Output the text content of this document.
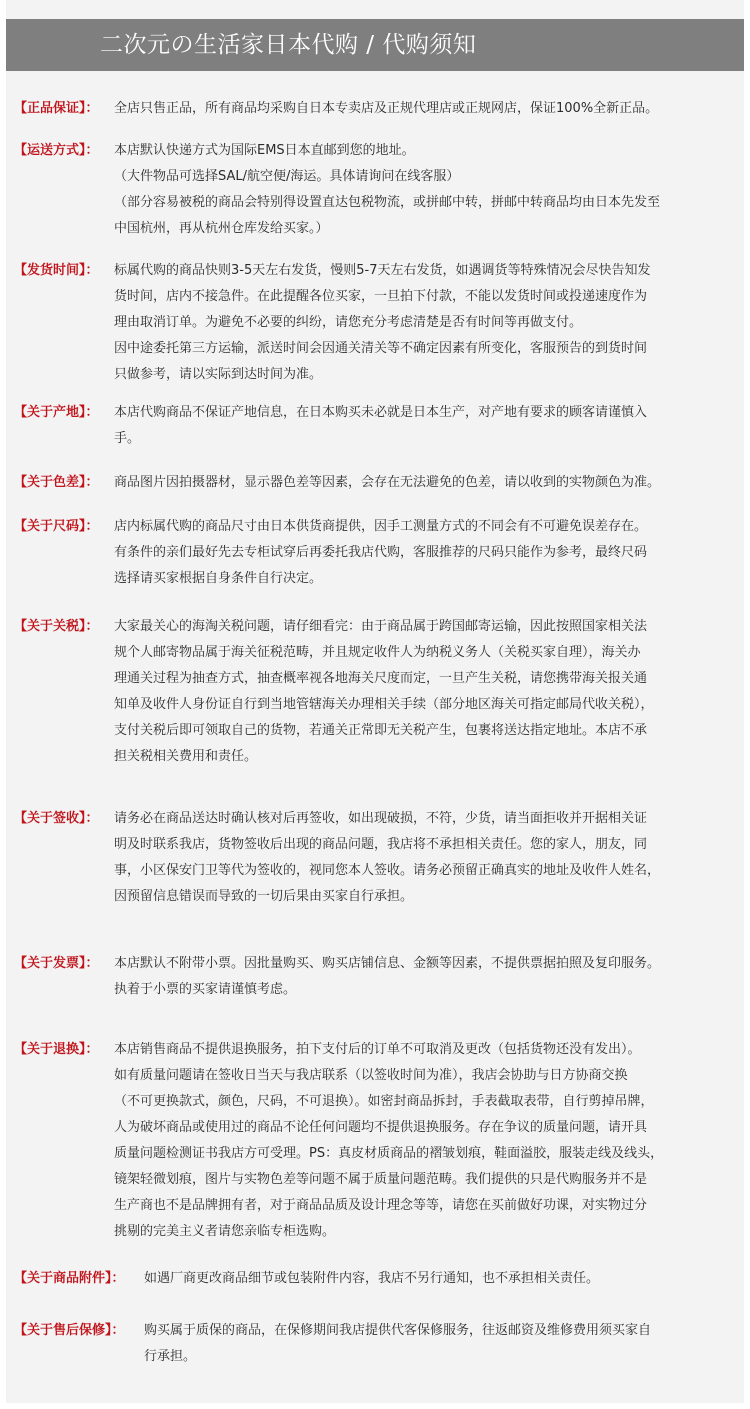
二次元の生活家日本代购 / 代购须知
【正品保证】： 全店只售正品，所有商品均采购自日本专卖店及正规代理店或正规网店，保证100%全新正品。
【运送方式】： 本店默认快递方式为国际EMS日本直邮到您的地址。
（大件物品可选择SAL/航空便/海运。具体请询问在线客服）
（部分容易被税的商品会特别得设置直达包税物流，或拼邮中转，拼邮中转商品均由日本先发至
中国杭州，再从杭州仓库发给买家。）
【发货时间】： 标属代购的商品快则3-5天左右发货，慢则5-7天左右发货，如遇调货等特殊情况会尽快告知发
货时间，店内不接急件。在此提醒各位买家，一旦拍下付款，不能以发货时间或投递速度作为
理由取消订单。为避免不必要的纠纷，请您充分考虑清楚是否有时间等再做支付。
因中途委托第三方运输，派送时间会因通关清关等不确定因素有所变化，客服预告的到货时间
只做参考，请以实际到达时间为准。
【关于产地】： 本店代购商品不保证产地信息，在日本购买未必就是日本生产，对产地有要求的顾客请谨慎入
手。
【关于色差】： 商品图片因拍摄器材，显示器色差等因素，会存在无法避免的色差，请以收到的实物颜色为准。
【关于尺码】： 店内标属代购的商品尺寸由日本供货商提供，因手工测量方式的不同会有不可避免误差存在。
有条件的亲们最好先去专柜试穿后再委托我店代购，客服推荐的尺码只能作为参考，最终尺码
选择请买家根据自身条件自行决定。
【关于关税】： 大家最关心的海淘关税问题，请仔细看完：由于商品属于跨国邮寄运输，因此按照国家相关法
规个人邮寄物品属于海关征税范畴，并且规定收件人为纳税义务人（关税买家自理），海关办
理通关过程为抽查方式，抽查概率视各地海关尺度而定，一旦产生关税，请您携带海关报关通
知单及收件人身份证自行到当地管辖海关办理相关手续（部分地区海关可指定邮局代收关税），
支付关税后即可领取自己的货物，若通关正常即无关税产生，包裹将送达指定地址。本店不承
担关税相关费用和责任。
【关于签收】： 请务必在商品送达时确认核对后再签收，如出现破损，不符，少货，请当面拒收并开据相关证
明及时联系我店，货物签收后出现的商品问题，我店将不承担相关责任。您的家人，朋友，同
事，小区保安门卫等代为签收的，视同您本人签收。请务必预留正确真实的地址及收件人姓名，
因预留信息错误而导致的一切后果由买家自行承担。
【关于发票】： 本店默认不附带小票。因批量购买、购买店铺信息、金额等因素，不提供票据拍照及复印服务。
执着于小票的买家请谨慎考虑。
【关于退换】： 本店销售商品不提供退换服务，拍下支付后的订单不可取消及更改（包括货物还没有发出）。
如有质量问题请在签收日当天与我店联系（以签收时间为准），我店会协助与日方协商交换
（不可更换款式，颜色，尺码，不可退换）。如密封商品拆封，手表截取表带，自行剪掉吊牌，
人为破坏商品或使用过的商品不论任何问题均不提供退换服务。存在争议的质量问题，请开具
质量问题检测证书我店方可受理。PS：真皮材质商品的褶皱划痕，鞋面溢胶，服装走线及线头，
镜架轻微划痕，图片与实物色差等问题不属于质量问题范畴。我们提供的只是代购服务并不是
生产商也不是品牌拥有者，对于商品品质及设计理念等等，请您在买前做好功课，对实物过分
挑剔的完美主义者请您亲临专柜选购。
【关于商品附件】： 如遇厂商更改商品细节或包装附件内容，我店不另行通知，也不承担相关责任。
【关于售后保修】： 购买属于质保的商品，在保修期间我店提供代客保修服务，往返邮资及维修费用须买家自
行承担。
